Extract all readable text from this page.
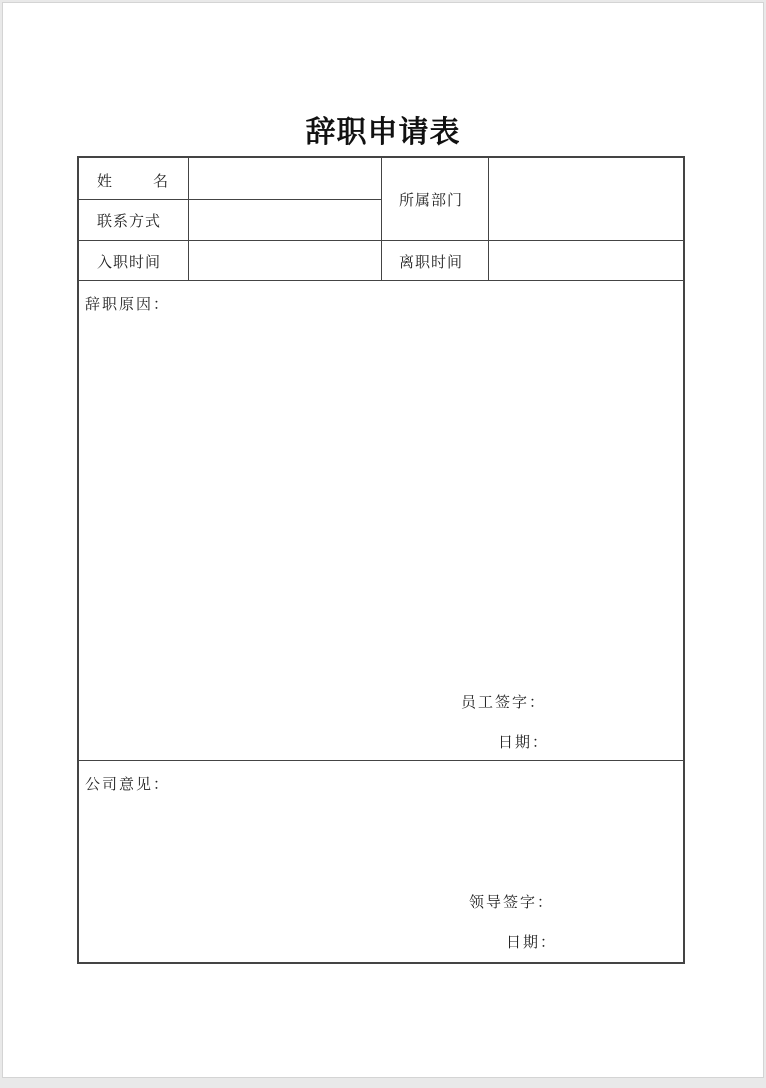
辞职申请表
姓	名
联系方式
所属部门
入职时间	离职时间
辞职原因：
员工签字：
日期：
公司意见：
领导签字：
日期：
